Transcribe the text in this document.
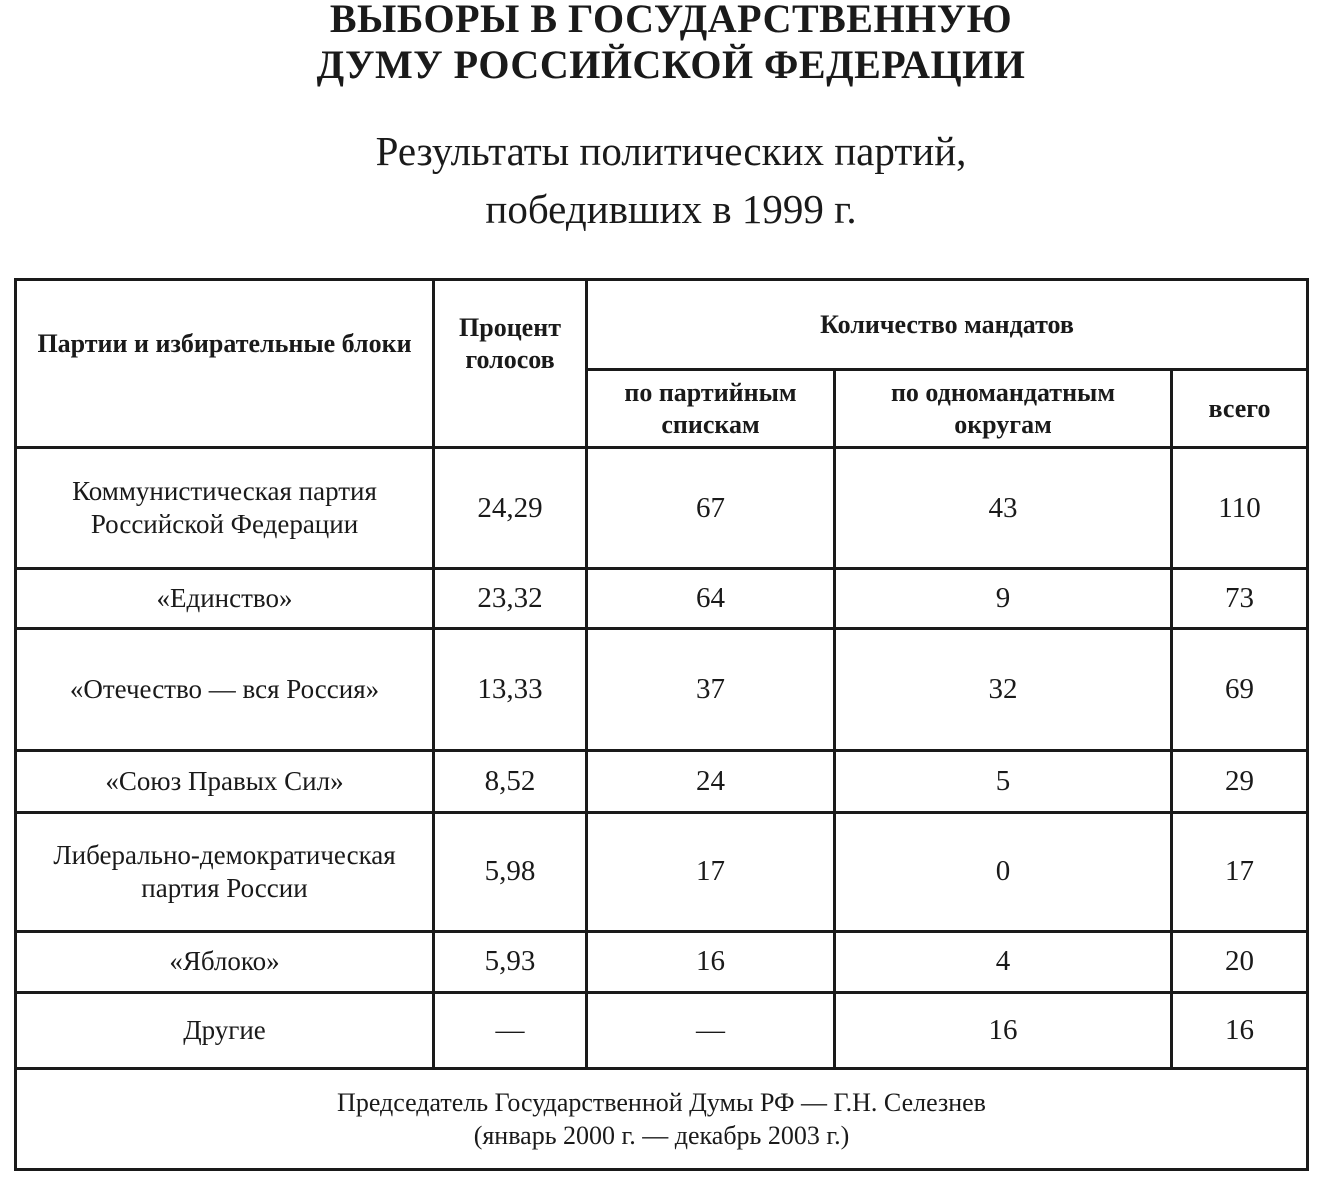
ВЫБОРЫ В ГОСУДАРСТВЕННУЮ
ДУМУ РОССИЙСКОЙ ФЕДЕРАЦИИ
Результаты политических партий,
победивших в 1999 г.
Партии и избирательные блоки	Процент голосов	Количество мандатов		
		по партийным спискам	по одномандатным округам	всего
Коммунистическая партия Российской Федерации	24,29	67	43	110
«Единство»	23,32	64	9	73
«Отечество — вся Россия»	13,33	37	32	69
«Союз Правых Сил»	8,52	24	5	29
Либерально-демократическая партия России	5,98	17	0	17
«Яблоко»	5,93	16	4	20
Другие	—	—	16	16

Председатель Государственной Думы РФ — Г.Н. Селезнев
(январь 2000 г. — декабрь 2003 г.)				
